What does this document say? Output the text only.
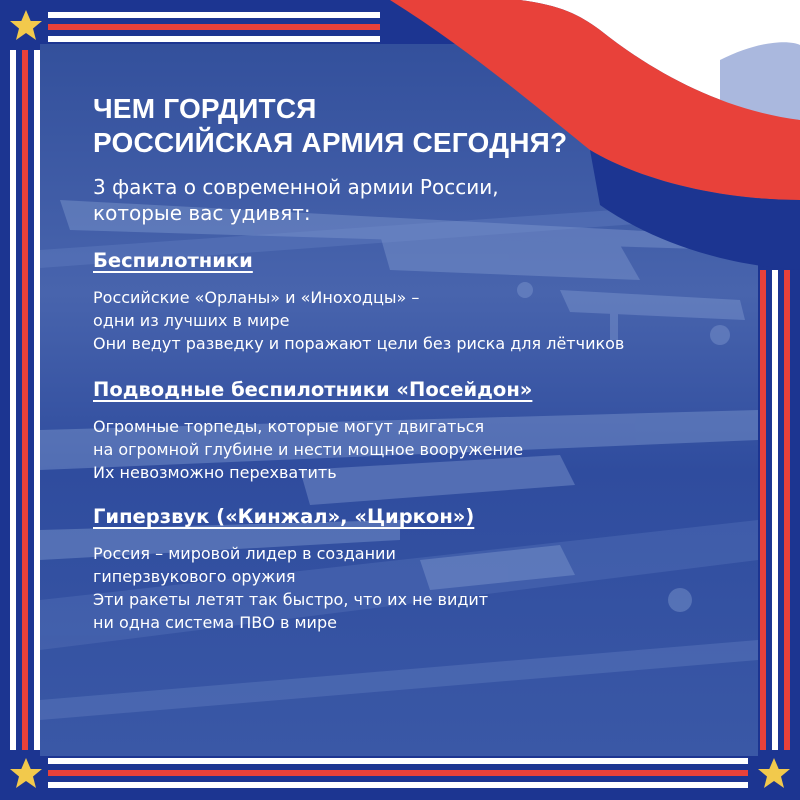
ЧЕМ ГОРДИТСЯ
РОССИЙСКАЯ АРМИЯ СЕГОДНЯ?
3 факта о современной армии России,
которые вас удивят:
Беспилотники
Российские «Орланы» и «Иноходцы» –
одни из лучших в мире
Они ведут разведку и поражают цели без риска для лётчиков
Подводные беспилотники «Посейдон»
Огромные торпеды, которые могут двигаться
на огромной глубине и нести мощное вооружение
Их невозможно перехватить
Гиперзвук («Кинжал», «Циркон»)
Россия – мировой лидер в создании
гиперзвукового оружия
Эти ракеты летят так быстро, что их не видит
ни одна система ПВО в мире
